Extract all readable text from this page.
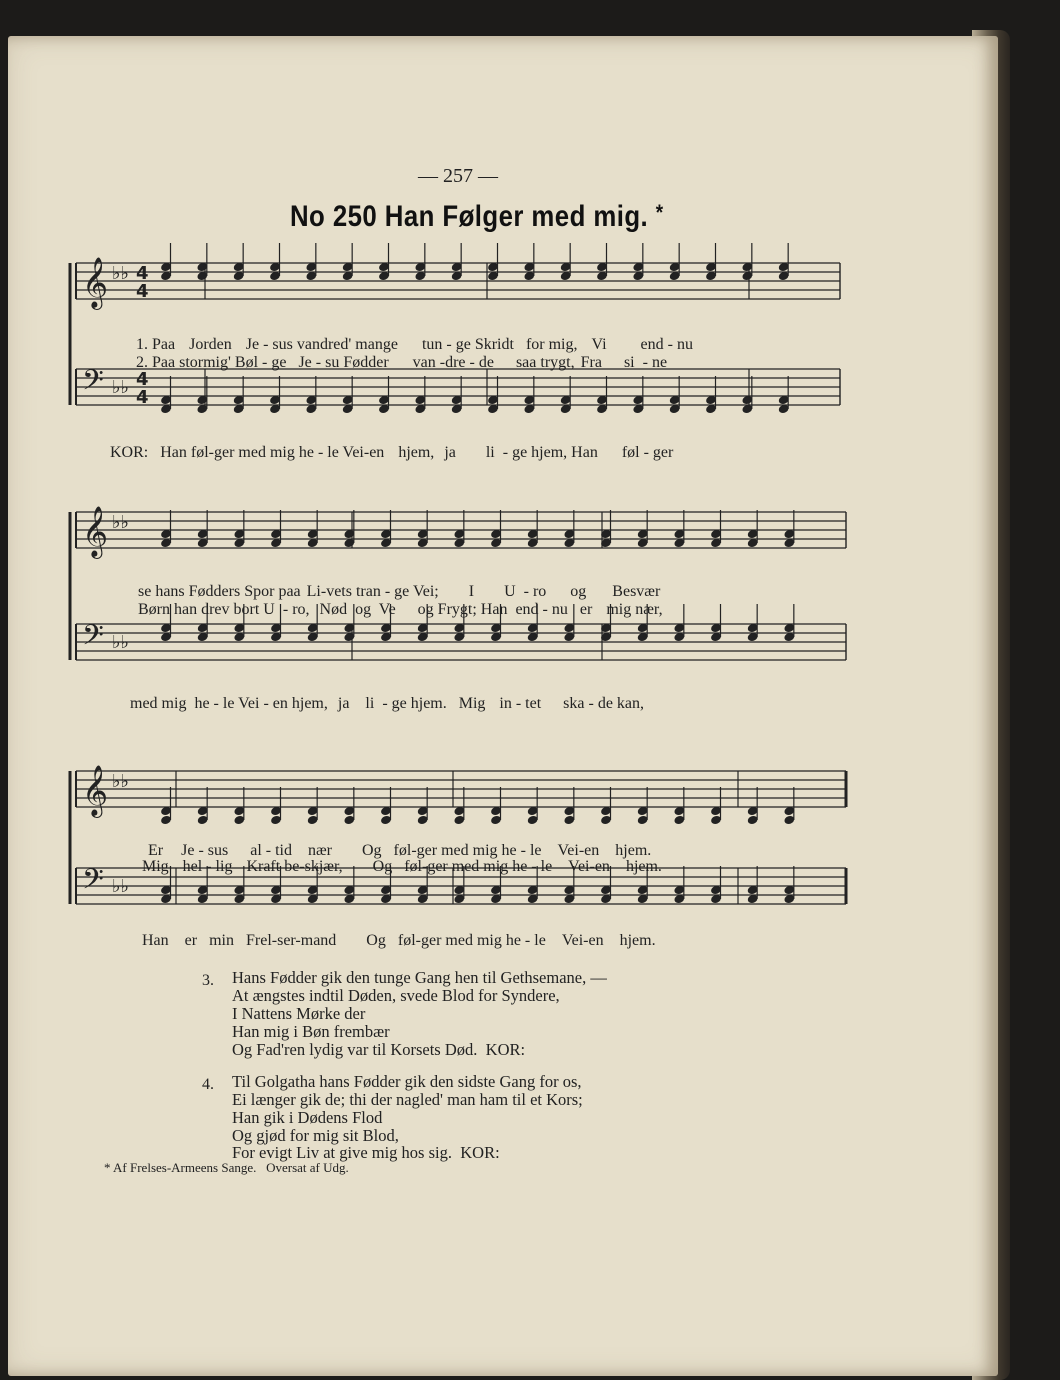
— 257 —
No 250 Han Følger med mig. *
𝄞 ♭♭
𝄢 ♭♭
𝄞 ♭♭
𝄢 ♭♭
𝄞 ♭♭
𝄢 ♭♭
4
4
4
4

1. Paa Jorden Je - sus vandred' mange tun - ge Skridt for mig, Vi end - nu

2. Paa stormig' Bøl - ge Je - su Fødder van -dre - de saa trygt, Fra si  - ne

KOR: Han føl-ger med mig he - le Vei-en hjem, ja li  - ge hjem, Han føl - ger

se hans Fødders Spor paa Li-vets tran - ge Vei; I U  - ro og Besvær

Børn han drev bort U  - ro, Nød  og  Ve og Frygt; Han  end - nu er mig nær,

med mig  he - le Vei - en hjem, ja li  - ge hjem. Mig in - tet ska - de kan,

Er Je - sus al - tid nær Og føl-ger med mig he - le Vei-en hjem.

Mig hel - lig Kraft be-skjær, Og føl-ger med mig he - le Vei-en hjem.

Han er min Frel-ser-mand Og føl-ger med mig he - le Vei-en hjem.

3. Hans Fødder gik den tunge Gang hen til Gethsemane, —
At ængstes indtil Døden, svede Blod for Syndere,
I Nattens Mørke der
Han mig i Bøn frembær
Og Fad'ren lydig var til Korsets Død.  KOR:
4. Til Golgatha hans Fødder gik den sidste Gang for os,
Ei længer gik de; thi der nagled' man ham til et Kors;
Han gik i Dødens Flod
Og gjød for mig sit Blod,
For evigt Liv at give mig hos sig.  KOR:
* Af Frelses-Armeens Sange.   Oversat af Udg.
